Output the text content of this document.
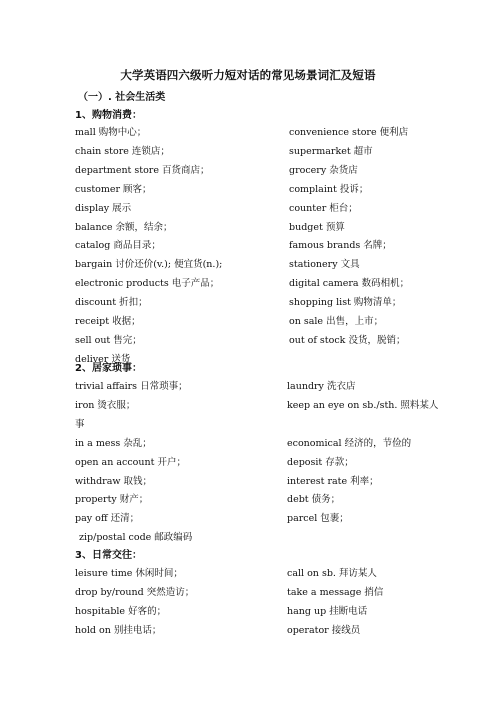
大学英语四六级听力短对话的常见场景词汇及短语
（一）. 社会生活类
1、购物消费：
mall 购物中心；	convenience store 便利店
chain store 连锁店；	supermarket 超市
department store 百货商店；	grocery 杂货店
customer 顾客；	complaint 投诉；
display 展示	counter 柜台；
balance 余额，结余；	budget 预算
catalog 商品目录；	famous brands 名牌；
bargain 讨价还价(v.); 便宜货(n.);	stationery 文具
electronic products 电子产品；	digital camera 数码相机；
discount 折扣；	shopping list 购物清单；
receipt 收据；	on sale 出售，上市；
sell out 售完；	out of stock 没货，脱销；
deliver 送货
2、居家琐事：
trivial affairs 日常琐事；	laundry 洗衣店
iron 烫衣服；	keep an eye on sb./sth. 照料某人
事
in a mess 杂乱；	economical 经济的，节俭的
open an account 开户；	deposit 存款；
withdraw 取钱；	interest rate 利率；
property 财产；	debt 债务；
pay off 还清；	parcel 包裹；
zip/postal code 邮政编码
3、日常交往：
leisure time 休闲时间；	call on sb. 拜访某人
drop by/round 突然造访；	take a message 捎信
hospitable 好客的；	hang up 挂断电话
hold on 别挂电话；	operator 接线员
